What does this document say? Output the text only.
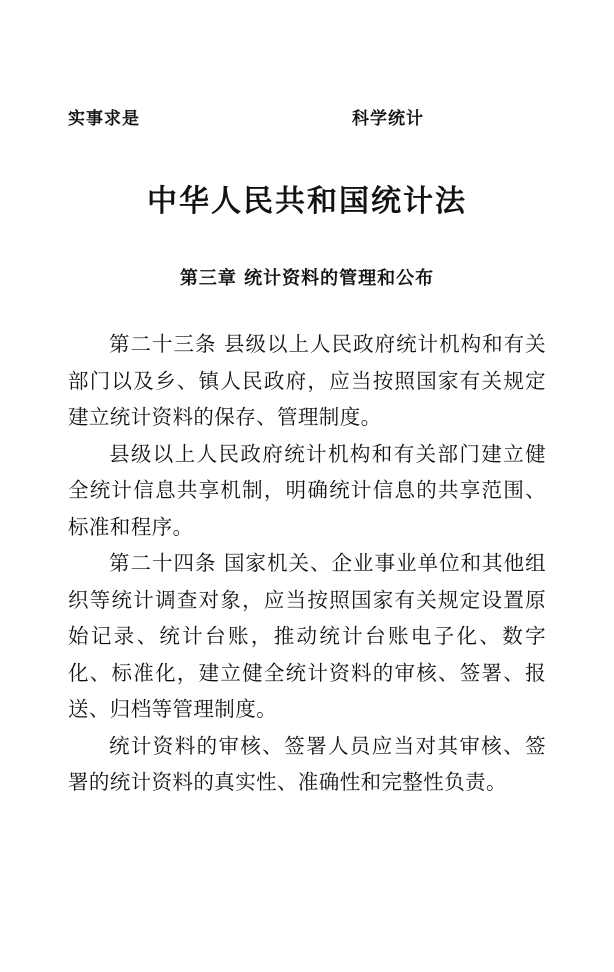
实事求是	科学统计
中华人民共和国统计法
第三章 统计资料的管理和公布

第二十三条 县级以上人民政府统计机构和有关部门以及乡、镇人民政府，应当按照国家有关规定建立统计资料的保存、管理制度。

县级以上人民政府统计机构和有关部门建立健全统计信息共享机制，明确统计信息的共享范围、标准和程序。

第二十四条 国家机关、企业事业单位和其他组织等统计调查对象，应当按照国家有关规定设置原始记录、统计台账，推动统计台账电子化、数字化、标准化，建立健全统计资料的审核、签署、报送、归档等管理制度。

统计资料的审核、签署人员应当对其审核、签署的统计资料的真实性、准确性和完整性负责。
